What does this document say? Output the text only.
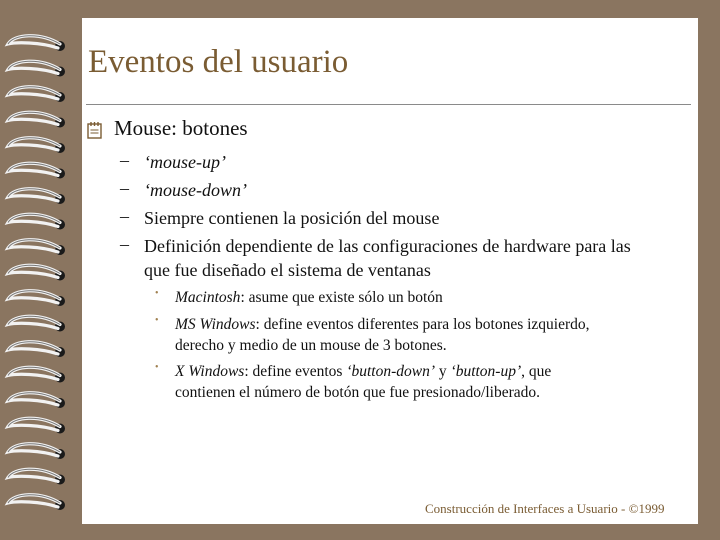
Eventos del usuario
Mouse: botones
– ‘mouse-up’
– ‘mouse-down’
– Siempre contienen la posición del mouse
– Definición dependiente de las configuraciones de hardware para las
que fue diseñado el sistema de ventanas
• Macintosh: asume que existe sólo un botón
• MS Windows: define eventos diferentes para los botones izquierdo,
derecho y medio de un mouse de 3 botones.
• X Windows: define eventos ‘button-down’ y ‘button-up’, que
contienen el número de botón que fue presionado/liberado.
Construcción de Interfaces a Usuario - ©1999
